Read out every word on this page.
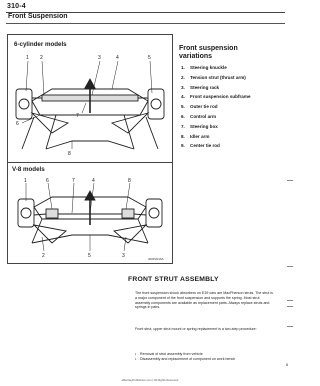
310-4
Front Suspension
6-cylinder models
V-8 models
1 2	3	4	5
6
7
8
1	6	7	4	8
2	5	3	300P2016A
Front suspension
variations
1. Steering knuckle
2. Tension strut (thrust arm)
3. Steering rack
4. Front suspension subframe
5. Outer tie rod
6. Control arm
7. Steering box
8. Idler arm
9. Center tie rod
FRONT STRUT ASSEMBLY
The front suspension shock absorbers on E39 cars are MacPherson struts. The strut is a major component of the front suspension and supports the spring. Most strut assembly components are available as replacement parts. Always replace struts and springs in pairs.
Front strut, upper strut mount or spring replacement is a two-step procedure:
• Removal of strut assembly from vehicle
• Disassembly and replacement of component on work bench
6
eBentleyPublishers.com | All Rights Reserved
